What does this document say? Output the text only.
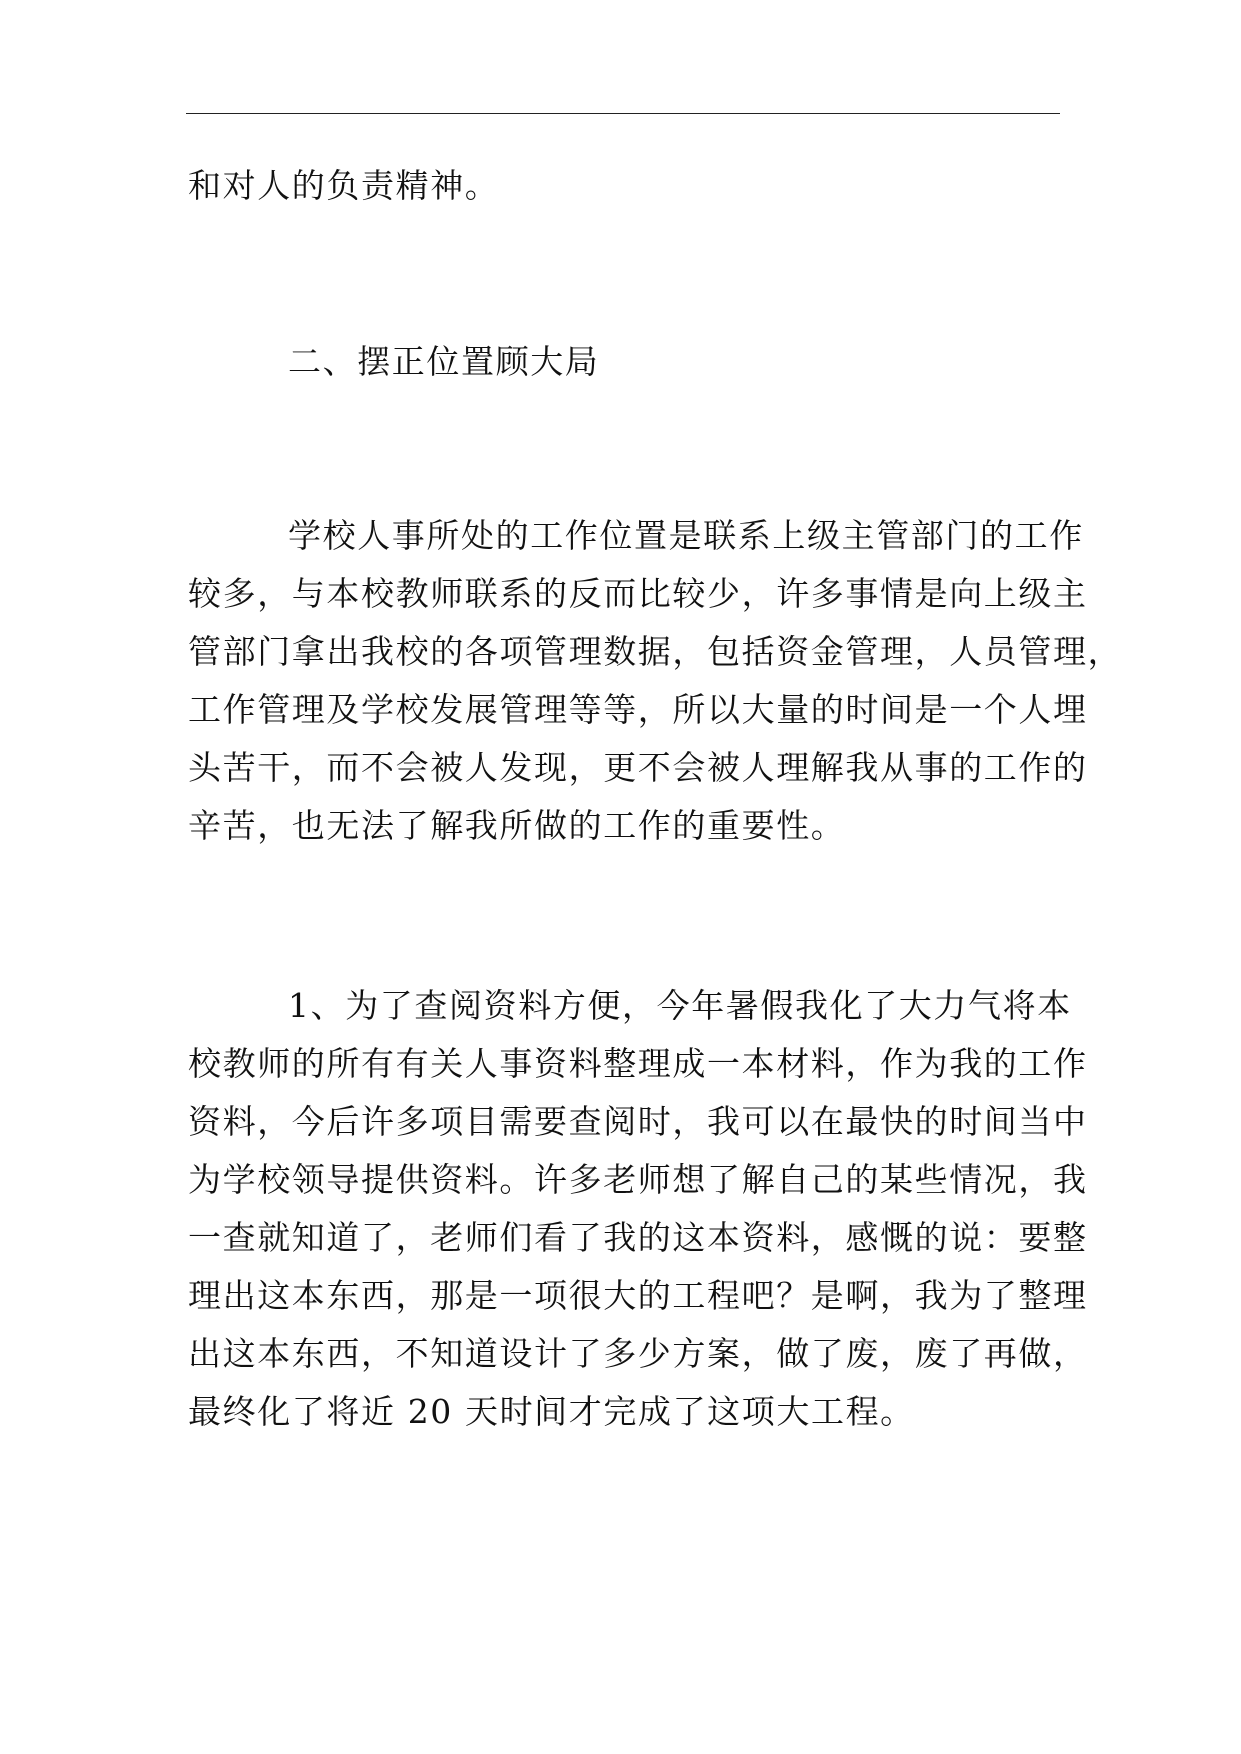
和对人的负责精神。

二、摆正位置顾大局

学校人事所处的工作位置是联系上级主管部门的工作
较多，与本校教师联系的反而比较少，许多事情是向上级主
管部门拿出我校的各项管理数据，包括资金管理，人员管理，
工作管理及学校发展管理等等，所以大量的时间是一个人埋
头苦干，而不会被人发现，更不会被人理解我从事的工作的
辛苦，也无法了解我所做的工作的重要性。

1、为了查阅资料方便，今年暑假我化了大力气将本
校教师的所有有关人事资料整理成一本材料，作为我的工作
资料，今后许多项目需要查阅时，我可以在最快的时间当中
为学校领导提供资料。许多老师想了解自己的某些情况，我
一查就知道了，老师们看了我的这本资料，感慨的说：要整
理出这本东西，那是一项很大的工程吧？是啊，我为了整理
出这本东西，不知道设计了多少方案，做了废，废了再做，
最终化了将近 20 天时间才完成了这项大工程。
